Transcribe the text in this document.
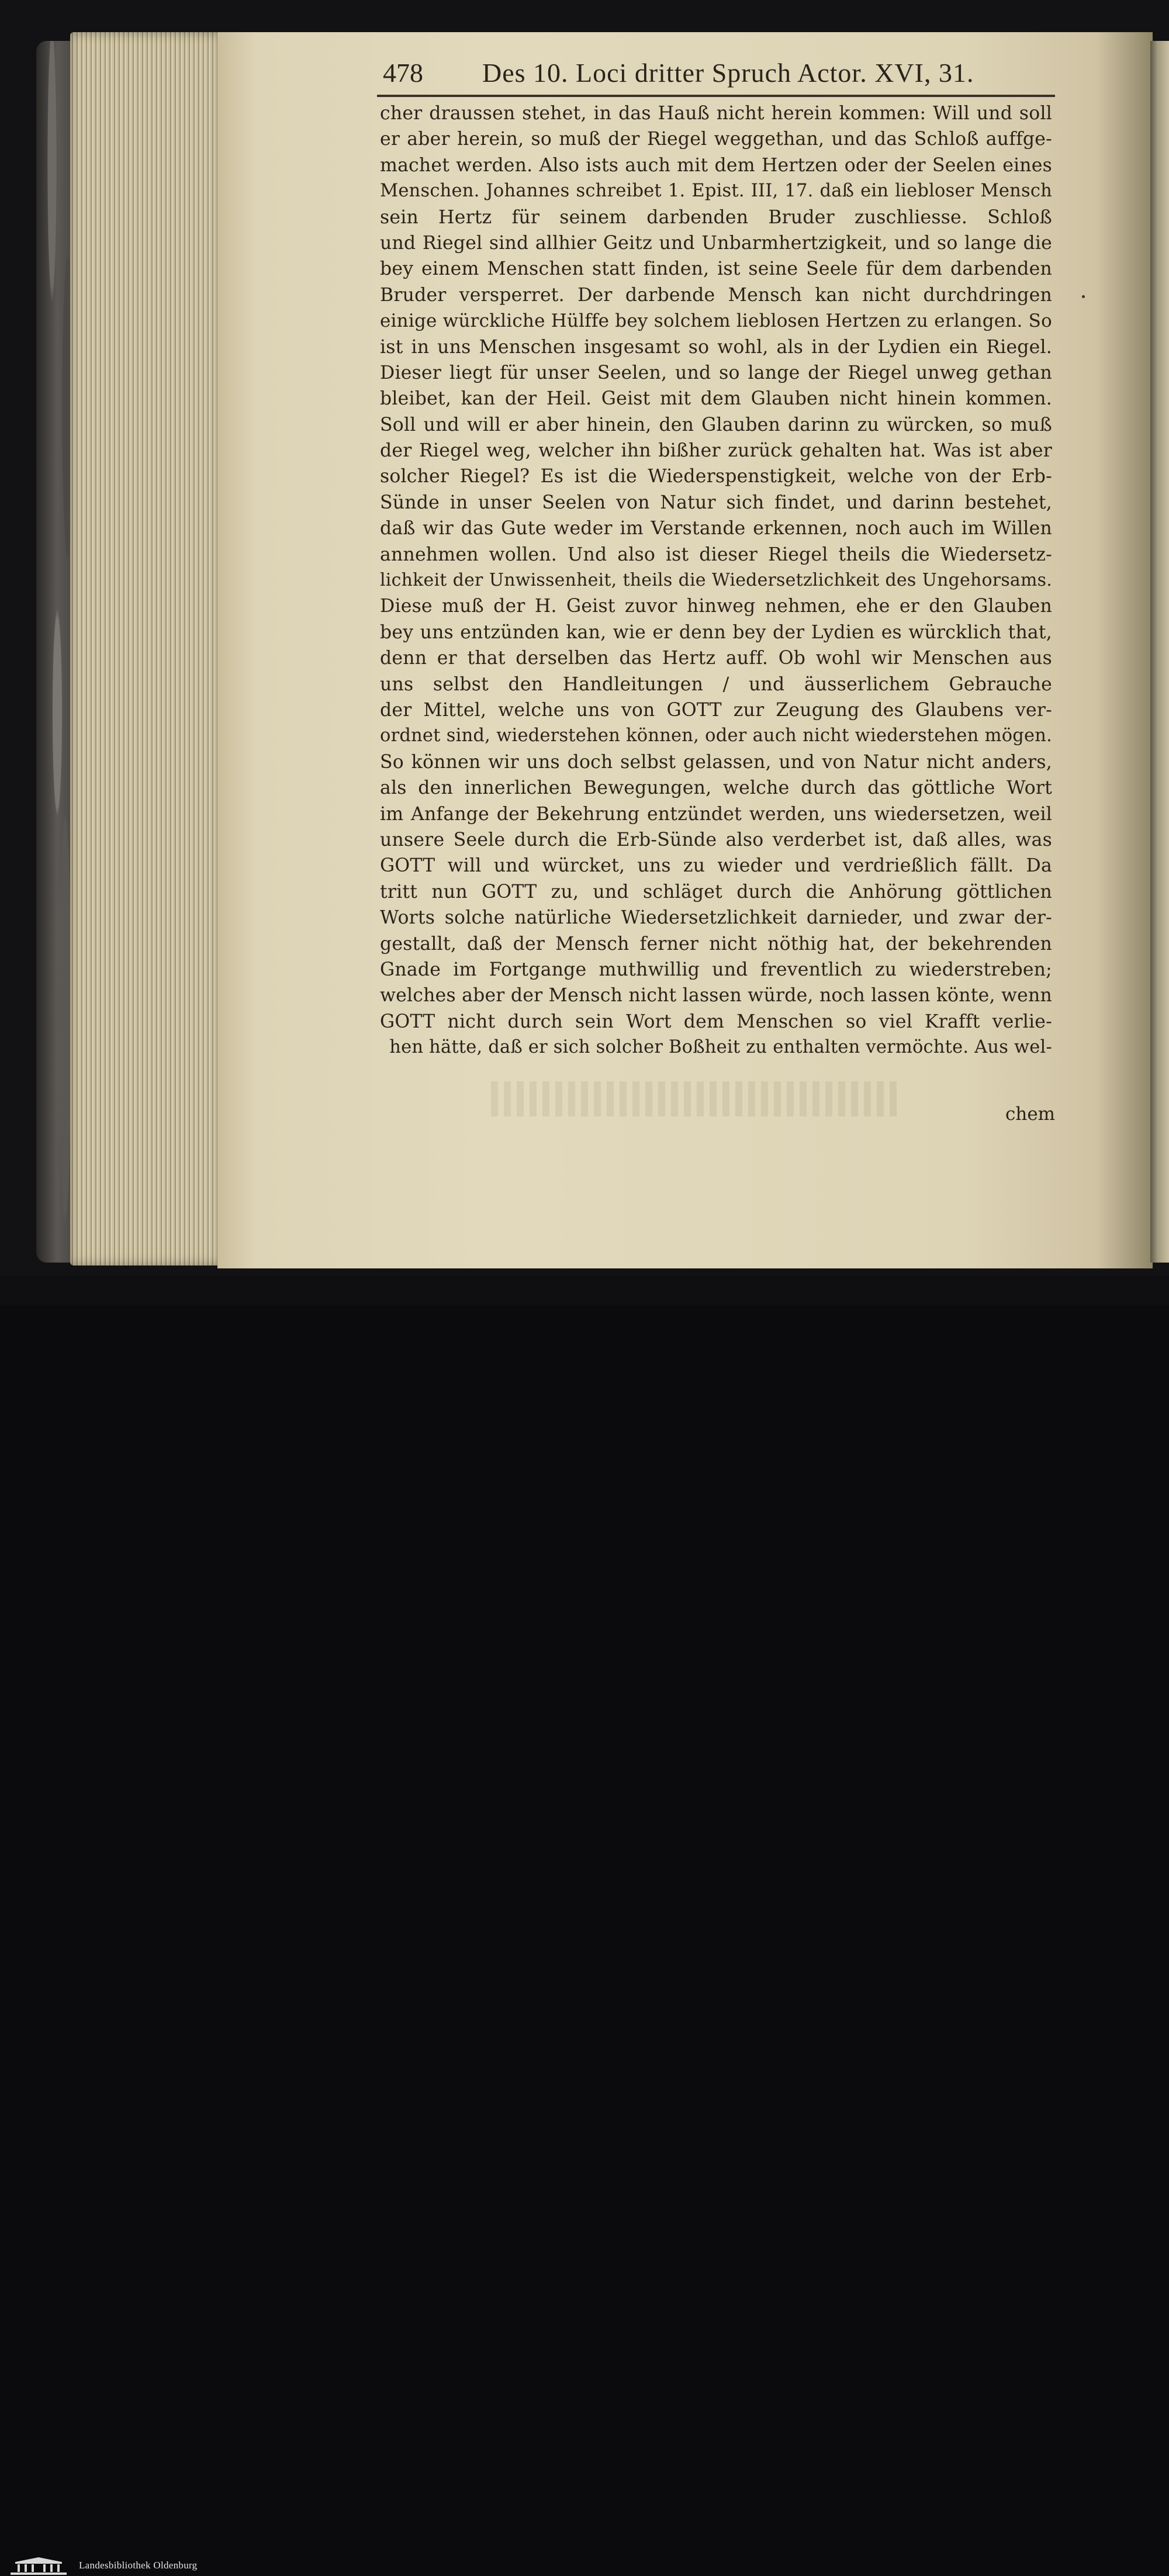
478 Des 10. Loci dritter Spruch Actor. XVI, 31.
cher draussen stehet, in das Hauß nicht herein kommen: Will und soll
er aber herein, so muß der Riegel weggethan, und das Schloß auffge-
machet werden. Also ists auch mit dem Hertzen oder der Seelen eines
Menschen. Johannes schreibet 1. Epist. III, 17. daß ein liebloser Mensch
sein Hertz für seinem darbenden Bruder zuschliesse. Schloß
und Riegel sind allhier Geitz und Unbarmhertzigkeit, und so lange die
bey einem Menschen statt finden, ist seine Seele für dem darbenden
Bruder versperret. Der darbende Mensch kan nicht durchdringen
einige würckliche Hülffe bey solchem lieblosen Hertzen zu erlangen. So
ist in uns Menschen insgesamt so wohl, als in der Lydien ein Riegel.
Dieser liegt für unser Seelen, und so lange der Riegel unweg gethan
bleibet, kan der Heil. Geist mit dem Glauben nicht hinein kommen.
Soll und will er aber hinein, den Glauben darinn zu würcken, so muß
der Riegel weg, welcher ihn bißher zurück gehalten hat. Was ist aber
solcher Riegel? Es ist die Wiederspenstigkeit, welche von der Erb-
Sünde in unser Seelen von Natur sich findet, und darinn bestehet,
daß wir das Gute weder im Verstande erkennen, noch auch im Willen
annehmen wollen. Und also ist dieser Riegel theils die Wiedersetz-
lichkeit der Unwissenheit, theils die Wiedersetzlichkeit des Ungehorsams.
Diese muß der H. Geist zuvor hinweg nehmen, ehe er den Glauben
bey uns entzünden kan, wie er denn bey der Lydien es würcklich that,
denn er that derselben das Hertz auff. Ob wohl wir Menschen aus
uns selbst den Handleitungen / und äusserlichem Gebrauche
der Mittel, welche uns von GOTT zur Zeugung des Glaubens ver-
ordnet sind, wiederstehen können, oder auch nicht wiederstehen mögen.
So können wir uns doch selbst gelassen, und von Natur nicht anders,
als den innerlichen Bewegungen, welche durch das göttliche Wort
im Anfange der Bekehrung entzündet werden, uns wiedersetzen, weil
unsere Seele durch die Erb-Sünde also verderbet ist, daß alles, was
GOTT will und würcket, uns zu wieder und verdrießlich fällt. Da
tritt nun GOTT zu, und schläget durch die Anhörung göttlichen
Worts solche natürliche Wiedersetzlichkeit darnieder, und zwar der-
gestallt, daß der Mensch ferner nicht nöthig hat, der bekehrenden
Gnade im Fortgange muthwillig und freventlich zu wiederstreben;
welches aber der Mensch nicht lassen würde, noch lassen könte, wenn
GOTT nicht durch sein Wort dem Menschen so viel Krafft verlie-
hen hätte, daß er sich solcher Boßheit zu enthalten vermöchte. Aus wel-
chem
Landesbibliothek Oldenburg
